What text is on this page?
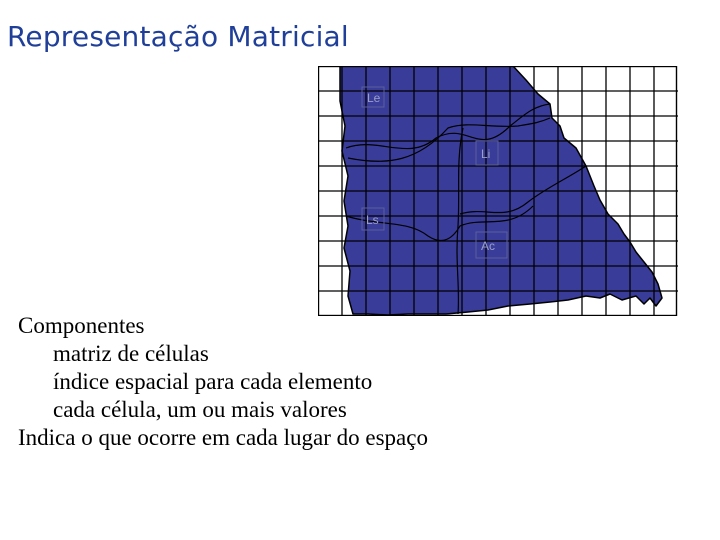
Representação Matricial
Le
Li
Ls
Ac
Componentes
matriz de células
índice espacial para cada elemento
cada célula, um ou mais valores
Indica o que ocorre em cada lugar do espaço
